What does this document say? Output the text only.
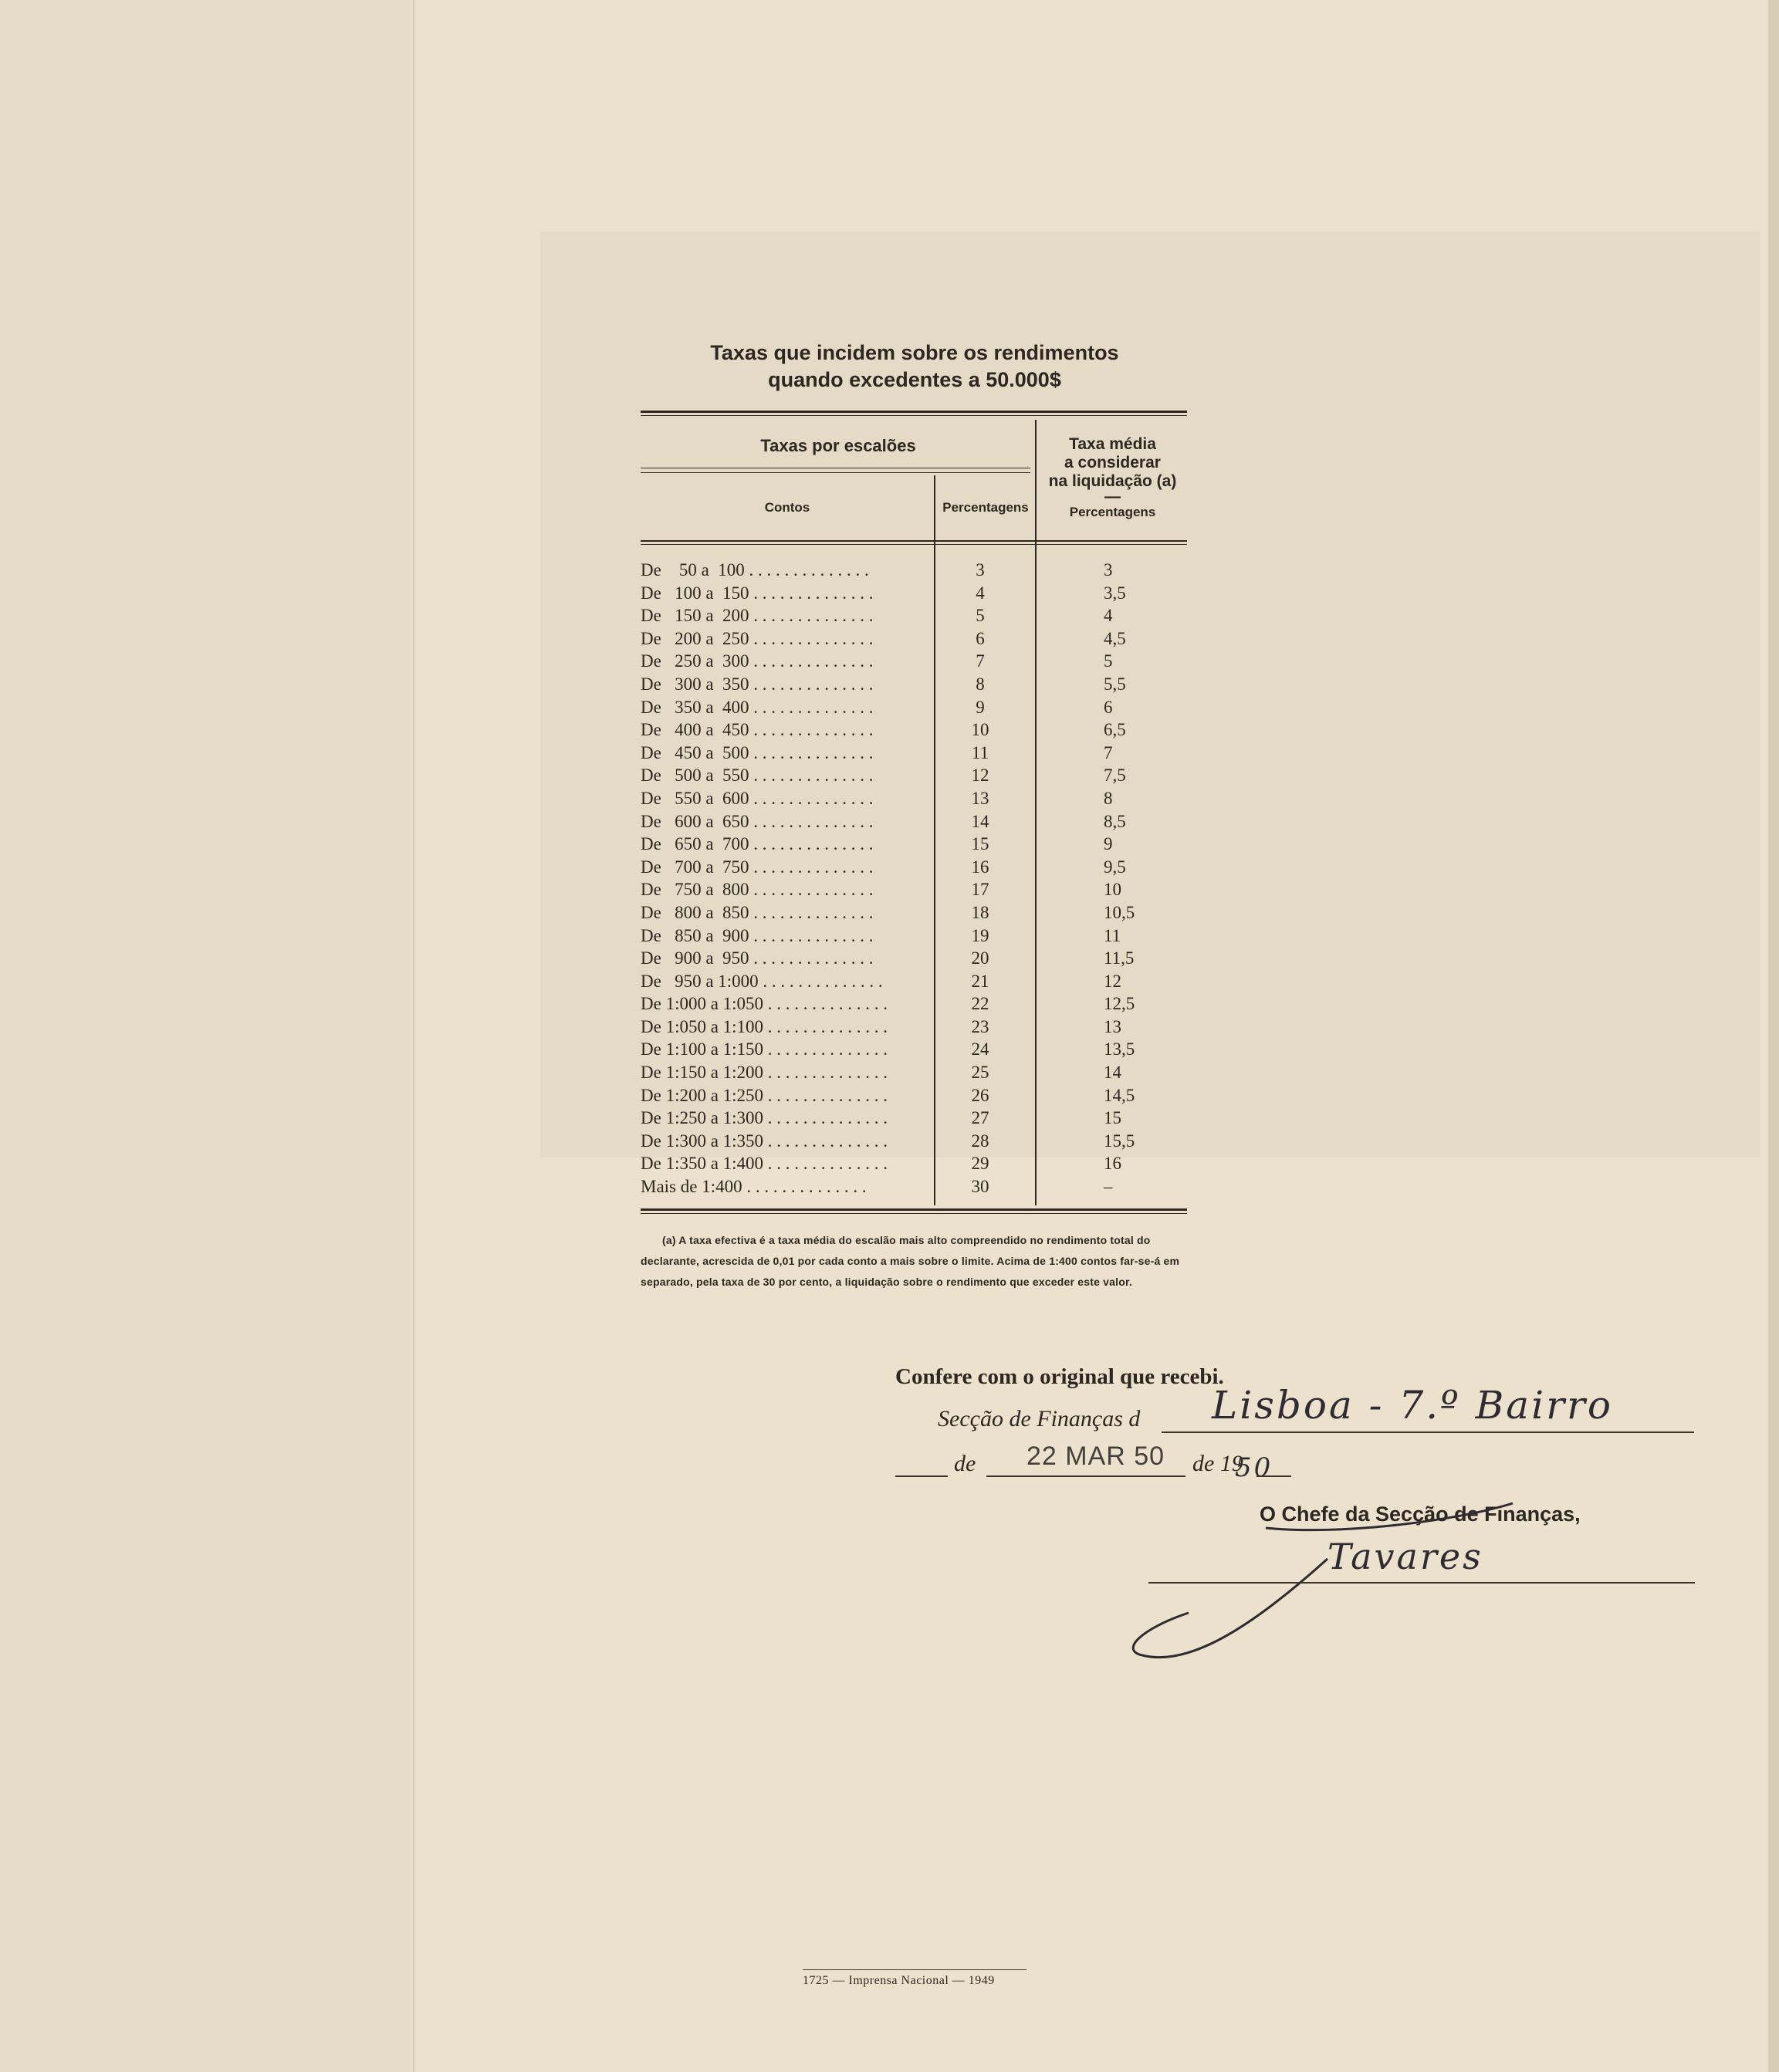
Taxas que incidem sobre os rendimentos
quando excedentes a 50.000$
Taxas por escalões
Contos	Percentagens
Taxa média
a considerar
na liquidação (a)
—
Percentagens
De    50 a  100 . . . . . . . . . . . . . .	3	3
De   100 a  150 . . . . . . . . . . . . . .	4	3,5
De   150 a  200 . . . . . . . . . . . . . .	5	4
De   200 a  250 . . . . . . . . . . . . . .	6	4,5
De   250 a  300 . . . . . . . . . . . . . .	7	5
De   300 a  350 . . . . . . . . . . . . . .	8	5,5
De   350 a  400 . . . . . . . . . . . . . .	9	6
De   400 a  450 . . . . . . . . . . . . . .	10	6,5
De   450 a  500 . . . . . . . . . . . . . .	11	7
De   500 a  550 . . . . . . . . . . . . . .	12	7,5
De   550 a  600 . . . . . . . . . . . . . .	13	8
De   600 a  650 . . . . . . . . . . . . . .	14	8,5
De   650 a  700 . . . . . . . . . . . . . .	15	9
De   700 a  750 . . . . . . . . . . . . . .	16	9,5
De   750 a  800 . . . . . . . . . . . . . .	17	10
De   800 a  850 . . . . . . . . . . . . . .	18	10,5
De   850 a  900 . . . . . . . . . . . . . .	19	11
De   900 a  950 . . . . . . . . . . . . . .	20	11,5
De   950 a 1:000 . . . . . . . . . . . . . .	21	12
De 1:000 a 1:050 . . . . . . . . . . . . . .	22	12,5
De 1:050 a 1:100 . . . . . . . . . . . . . .	23	13
De 1:100 a 1:150 . . . . . . . . . . . . . .	24	13,5
De 1:150 a 1:200 . . . . . . . . . . . . . .	25	14
De 1:200 a 1:250 . . . . . . . . . . . . . .	26	14,5
De 1:250 a 1:300 . . . . . . . . . . . . . .	27	15
De 1:300 a 1:350 . . . . . . . . . . . . . .	28	15,5
De 1:350 a 1:400 . . . . . . . . . . . . . .	29	16
Mais de 1:400 . . . . . . . . . . . . . .	30	–
(a) A taxa efectiva é a taxa média do escalão mais alto compreendido no rendimento total do declarante, acrescida de 0,01 por cada conto a mais sobre o limite. Acima de 1:400 contos far-se-á em separado, pela taxa de 30 por cento, a liquidação sobre o rendimento que exceder este valor.
Confere com o original que recebi.
Secção de Finanças d Lisboa - 7.º Bairro
de 22 MAR 50 de 19
50
O Chefe da Secção de Finanças,
Tavares
1725 — Imprensa Nacional — 1949
